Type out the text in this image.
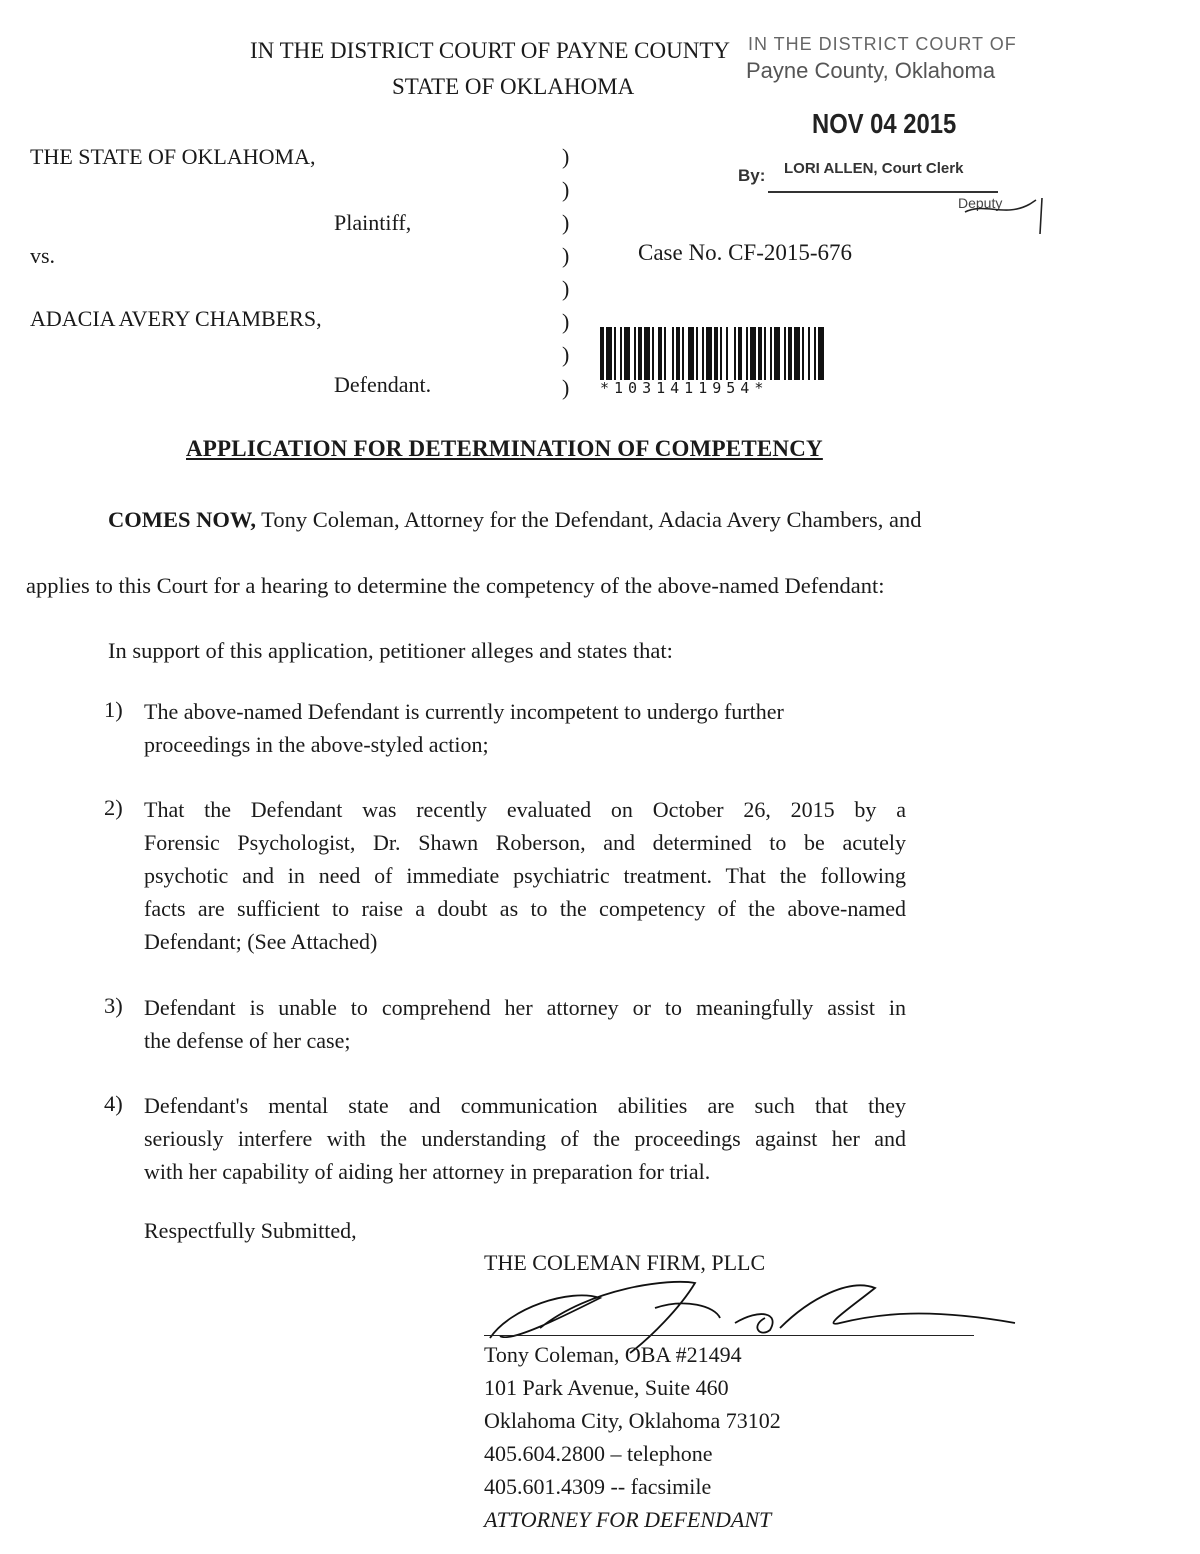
IN THE DISTRICT COURT OF PAYNE COUNTY
STATE OF OKLAHOMA
IN THE DISTRICT COURT OF
Payne County, Oklahoma
NOV 04 2015
LORI ALLEN, Court Clerk
By:
Deputy
THE STATE OF OKLAHOMA,
Plaintiff,
vs.
ADACIA AVERY CHAMBERS,
Defendant.
)
)
)
)
)
)
)
)
Case No. CF-2015-676
*1031411954*
APPLICATION FOR DETERMINATION OF COMPETENCY
COMES NOW, Tony Coleman, Attorney for the Defendant, Adacia Avery Chambers, and
applies to this Court for a hearing to determine the competency of the above-named Defendant:
In support of this application, petitioner alleges and states that:
1) The above-named Defendant is currently incompetent to undergo further
proceedings in the above-styled action;
2) That the Defendant was recently evaluated on October 26, 2015 by a
Forensic Psychologist, Dr. Shawn Roberson, and determined to be acutely
psychotic and in need of immediate psychiatric treatment. That the following
facts are sufficient to raise a doubt as to the competency of the above-named
Defendant; (See Attached)
3) Defendant is unable to comprehend her attorney or to meaningfully assist in
the defense of her case;
4) Defendant's mental state and communication abilities are such that they
seriously interfere with the understanding of the proceedings against her and
with her capability of aiding her attorney in preparation for trial.
Respectfully Submitted,
THE COLEMAN FIRM, PLLC
Tony Coleman, OBA #21494
101 Park Avenue, Suite 460
Oklahoma City, Oklahoma 73102
405.604.2800 – telephone
405.601.4309 -- facsimile
ATTORNEY FOR DEFENDANT
